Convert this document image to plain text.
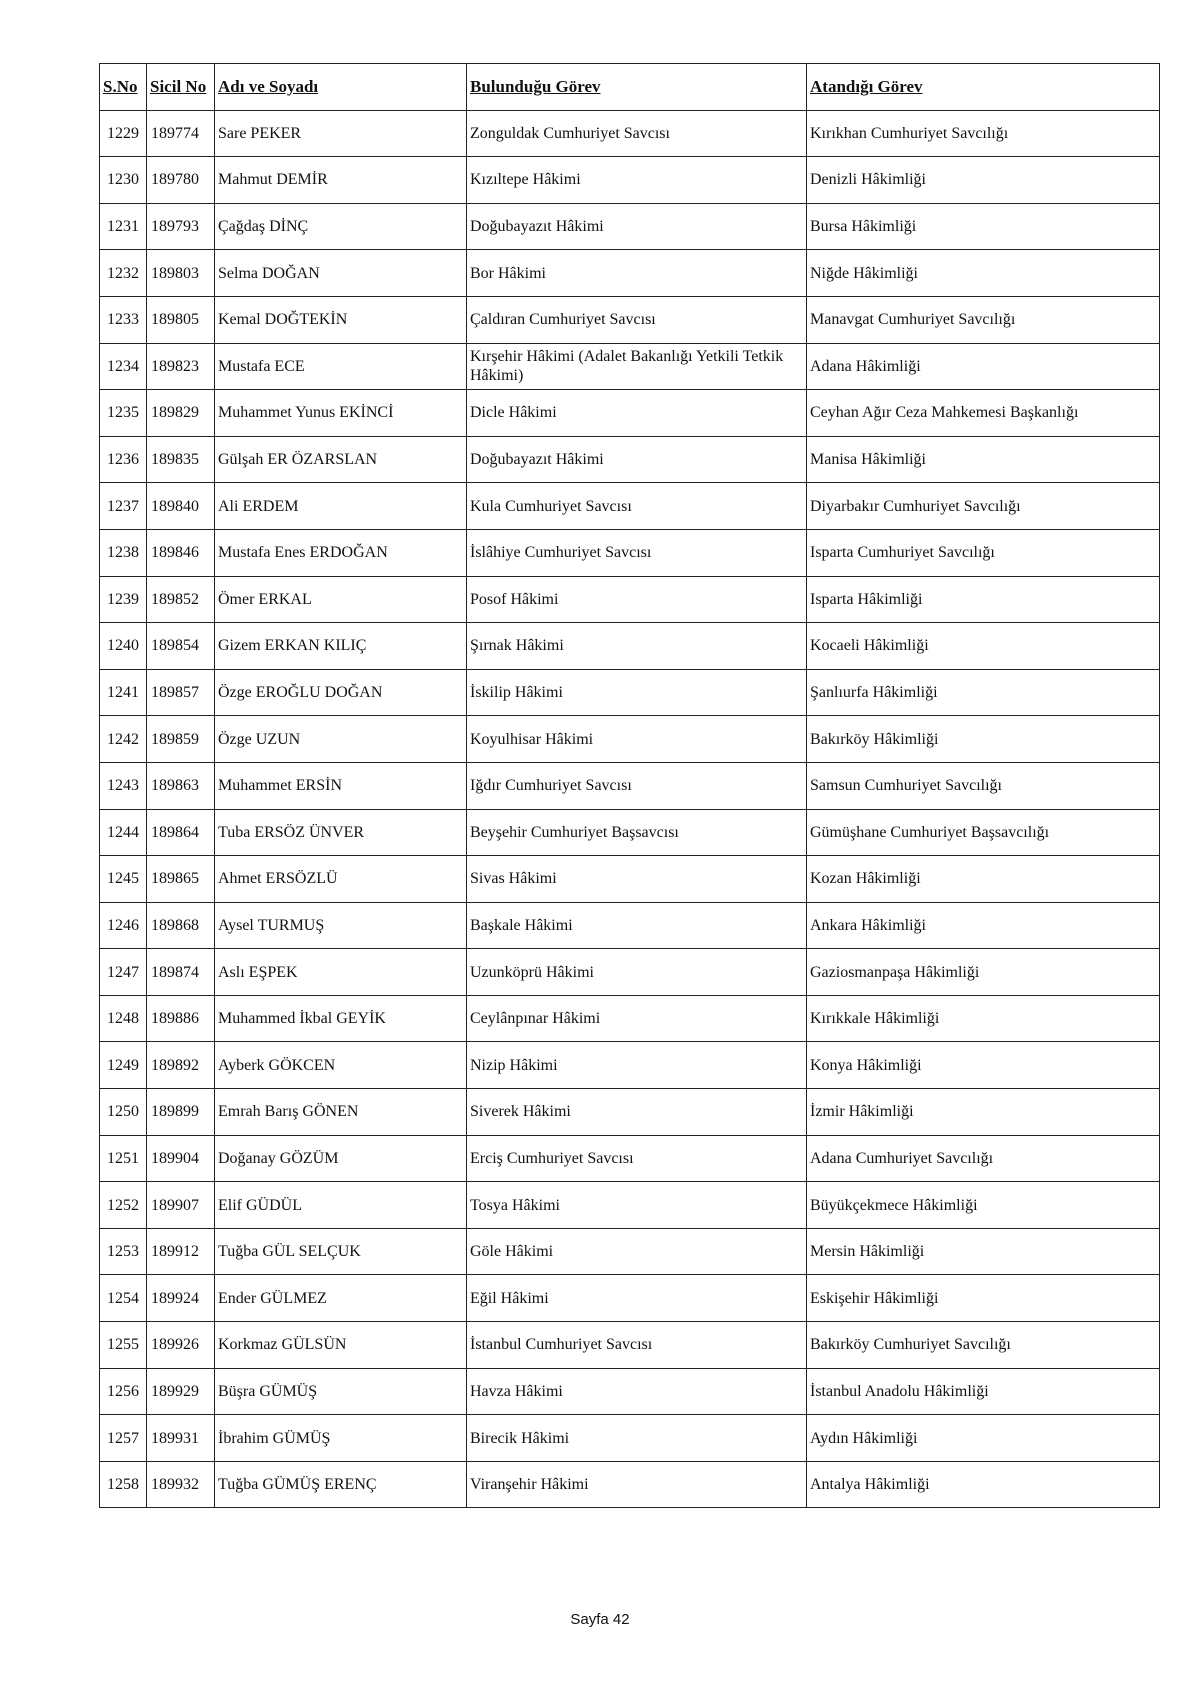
S.No	Sicil No	Adı ve Soyadı	Bulunduğu Görev	Atandığı Görev
1229	189774	Sare PEKER	Zonguldak Cumhuriyet Savcısı	Kırıkhan Cumhuriyet Savcılığı
1230	189780	Mahmut DEMİR	Kızıltepe Hâkimi	Denizli Hâkimliği
1231	189793	Çağdaş DİNÇ	Doğubayazıt Hâkimi	Bursa Hâkimliği
1232	189803	Selma DOĞAN	Bor Hâkimi	Niğde Hâkimliği
1233	189805	Kemal DOĞTEKİN	Çaldıran Cumhuriyet Savcısı	Manavgat Cumhuriyet Savcılığı
1234	189823	Mustafa ECE	Kırşehir Hâkimi (Adalet Bakanlığı Yetkili Tetkik Hâkimi)	Adana Hâkimliği
1235	189829	Muhammet Yunus EKİNCİ	Dicle Hâkimi	Ceyhan Ağır Ceza Mahkemesi Başkanlığı
1236	189835	Gülşah ER ÖZARSLAN	Doğubayazıt Hâkimi	Manisa Hâkimliği
1237	189840	Ali ERDEM	Kula Cumhuriyet Savcısı	Diyarbakır Cumhuriyet Savcılığı
1238	189846	Mustafa Enes ERDOĞAN	İslâhiye Cumhuriyet Savcısı	Isparta Cumhuriyet Savcılığı
1239	189852	Ömer ERKAL	Posof Hâkimi	Isparta Hâkimliği
1240	189854	Gizem ERKAN KILIÇ	Şırnak Hâkimi	Kocaeli Hâkimliği
1241	189857	Özge EROĞLU DOĞAN	İskilip Hâkimi	Şanlıurfa Hâkimliği
1242	189859	Özge UZUN	Koyulhisar Hâkimi	Bakırköy Hâkimliği
1243	189863	Muhammet ERSİN	Iğdır Cumhuriyet Savcısı	Samsun Cumhuriyet Savcılığı
1244	189864	Tuba ERSÖZ ÜNVER	Beyşehir Cumhuriyet Başsavcısı	Gümüşhane Cumhuriyet Başsavcılığı
1245	189865	Ahmet ERSÖZLÜ	Sivas Hâkimi	Kozan Hâkimliği
1246	189868	Aysel TURMUŞ	Başkale Hâkimi	Ankara Hâkimliği
1247	189874	Aslı EŞPEK	Uzunköprü Hâkimi	Gaziosmanpaşa Hâkimliği
1248	189886	Muhammed İkbal GEYİK	Ceylânpınar Hâkimi	Kırıkkale Hâkimliği
1249	189892	Ayberk GÖKCEN	Nizip Hâkimi	Konya Hâkimliği
1250	189899	Emrah Barış GÖNEN	Siverek Hâkimi	İzmir Hâkimliği
1251	189904	Doğanay GÖZÜM	Erciş Cumhuriyet Savcısı	Adana Cumhuriyet Savcılığı
1252	189907	Elif GÜDÜL	Tosya Hâkimi	Büyükçekmece Hâkimliği
1253	189912	Tuğba GÜL SELÇUK	Göle Hâkimi	Mersin Hâkimliği
1254	189924	Ender GÜLMEZ	Eğil Hâkimi	Eskişehir Hâkimliği
1255	189926	Korkmaz GÜLSÜN	İstanbul Cumhuriyet Savcısı	Bakırköy Cumhuriyet Savcılığı
1256	189929	Büşra GÜMÜŞ	Havza Hâkimi	İstanbul Anadolu Hâkimliği
1257	189931	İbrahim GÜMÜŞ	Birecik Hâkimi	Aydın Hâkimliği
1258	189932	Tuğba GÜMÜŞ ERENÇ	Viranşehir Hâkimi	Antalya Hâkimliği
Sayfa 42
